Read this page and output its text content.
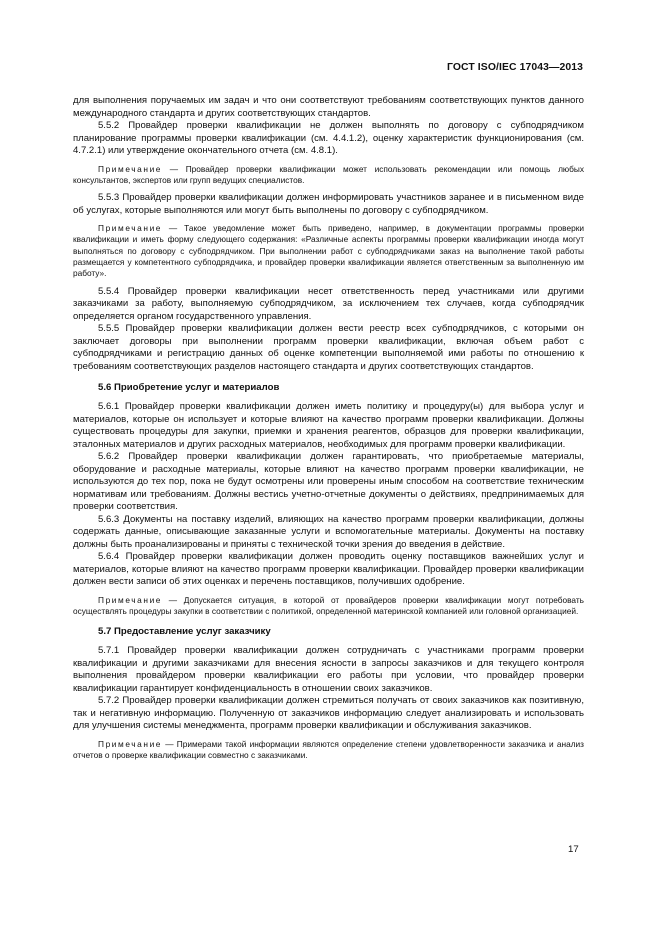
ГОСТ ISO/IEC 17043—2013

для выполнения поручаемых им задач и что они соответствуют требованиям соответствующих пунктов данного международного стандарта и других соответствующих стандартов.

5.5.2 Провайдер проверки квалификации не должен выполнять по договору с субподрядчиком планирование программы проверки квалификации (см. 4.4.1.2), оценку характеристик функционирования (см. 4.7.2.1) или утверждение окончательного отчета (см. 4.8.1).

Примечание — Провайдер проверки квалификации может использовать рекомендации или помощь любых консультантов, экспертов или групп ведущих специалистов.

5.5.3 Провайдер проверки квалификации должен информировать участников заранее и в письменном виде об услугах, которые выполняются или могут быть выполнены по договору с субподрядчиком.

Примечание — Такое уведомление может быть приведено, например, в документации программы проверки квалификации и иметь форму следующего содержания: «Различные аспекты программы проверки квалификации иногда могут выполняться по договору с субподрядчиком. При выполнении работ с субподрядчиками заказ на выполнение такой работы размещается у компетентного субподрядчика, и провайдер проверки квалификации является ответственным за выполненную им работу».

5.5.4 Провайдер проверки квалификации несет ответственность перед участниками или другими заказчиками за работу, выполняемую субподрядчиком, за исключением тех случаев, когда субподрядчик определяется органом государственного управления.

5.5.5 Провайдер проверки квалификации должен вести реестр всех субподрядчиков, с которыми он заключает договоры при выполнении программ проверки квалификации, включая объем работ с субподрядчиками и регистрацию данных об оценке компетенции выполняемой ими работы по отношению к требованиям соответствующих разделов настоящего стандарта и других соответствующих стандартов.

5.6 Приобретение услуг и материалов

5.6.1 Провайдер проверки квалификации должен иметь политику и процедуру(ы) для выбора услуг и материалов, которые он использует и которые влияют на качество программ проверки квалификации. Должны существовать процедуры для закупки, приемки и хранения реагентов, образцов для проверки квалификации, эталонных материалов и других расходных материалов, необходимых для программ проверки квалификации.

5.6.2 Провайдер проверки квалификации должен гарантировать, что приобретаемые материалы, оборудование и расходные материалы, которые влияют на качество программ проверки квалификации, не используются до тех пор, пока не будут осмотрены или проверены иным способом на соответствие техническим нормативам или требованиям. Должны вестись учетно-отчетные документы о действиях, предпринимаемых для проверки соответствия.

5.6.3 Документы на поставку изделий, влияющих на качество программ проверки квалификации, должны содержать данные, описывающие заказанные услуги и вспомогательные материалы. Документы на поставку должны быть проанализированы и приняты с технической точки зрения до введения в действие.

5.6.4 Провайдер проверки квалификации должен проводить оценку поставщиков важнейших услуг и материалов, которые влияют на качество программ проверки квалификации. Провайдер проверки квалификации должен вести записи об этих оценках и перечень поставщиков, получивших одобрение.

Примечание — Допускается ситуация, в которой от провайдеров проверки квалификации могут потребовать осуществлять процедуры закупки в соответствии с политикой, определенной материнской компанией или головной организацией.
5.7 Предоставление услуг заказчику

5.7.1 Провайдер проверки квалификации должен сотрудничать с участниками программ проверки квалификации и другими заказчиками для внесения ясности в запросы заказчиков и для текущего контроля выполнения провайдером проверки квалификации его работы при условии, что провайдер проверки квалификации гарантирует конфиденциальность в отношении своих заказчиков.

5.7.2 Провайдер проверки квалификации должен стремиться получать от своих заказчиков как позитивную, так и негативную информацию. Полученную от заказчиков информацию следует анализировать и использовать для улучшения системы менеджмента, программ проверки квалификации и обслуживания заказчиков.

Примечание — Примерами такой информации являются определение степени удовлетворенности заказчика и анализ отчетов о проверке квалификации совместно с заказчиками.
17
